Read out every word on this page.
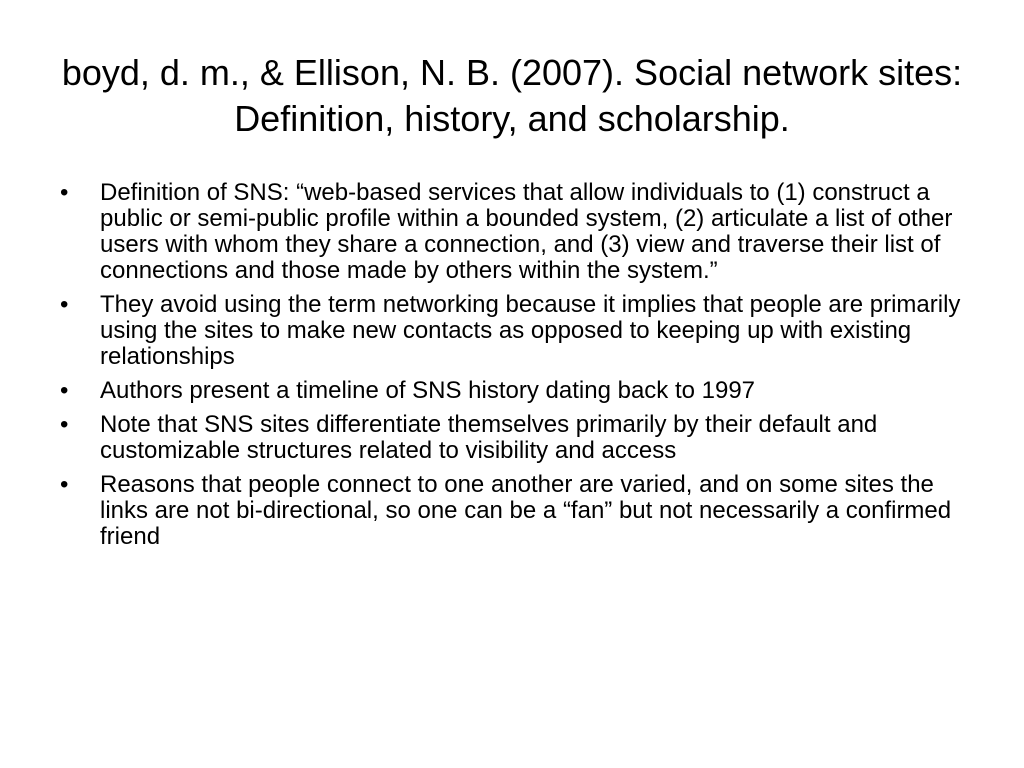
boyd, d. m., & Ellison, N. B. (2007). Social network sites: Definition, history, and scholarship.
•	Definition of SNS: “web-based services that allow individuals to (1) construct a public or semi-public profile within a bounded system, (2) articulate a list of other users with whom they share a connection, and (3) view and traverse their list of connections and those made by others within the system.”
•	They avoid using the term networking because it implies that people are primarily using the sites to make new contacts as opposed to keeping up with existing relationships
•	Authors present a timeline of SNS history dating back to 1997
•	Note that SNS sites differentiate themselves primarily by their default and customizable structures related to visibility and access
•	Reasons that people connect to one another are varied, and on some sites the links are not bi-directional, so one can be a “fan” but not necessarily a confirmed friend
